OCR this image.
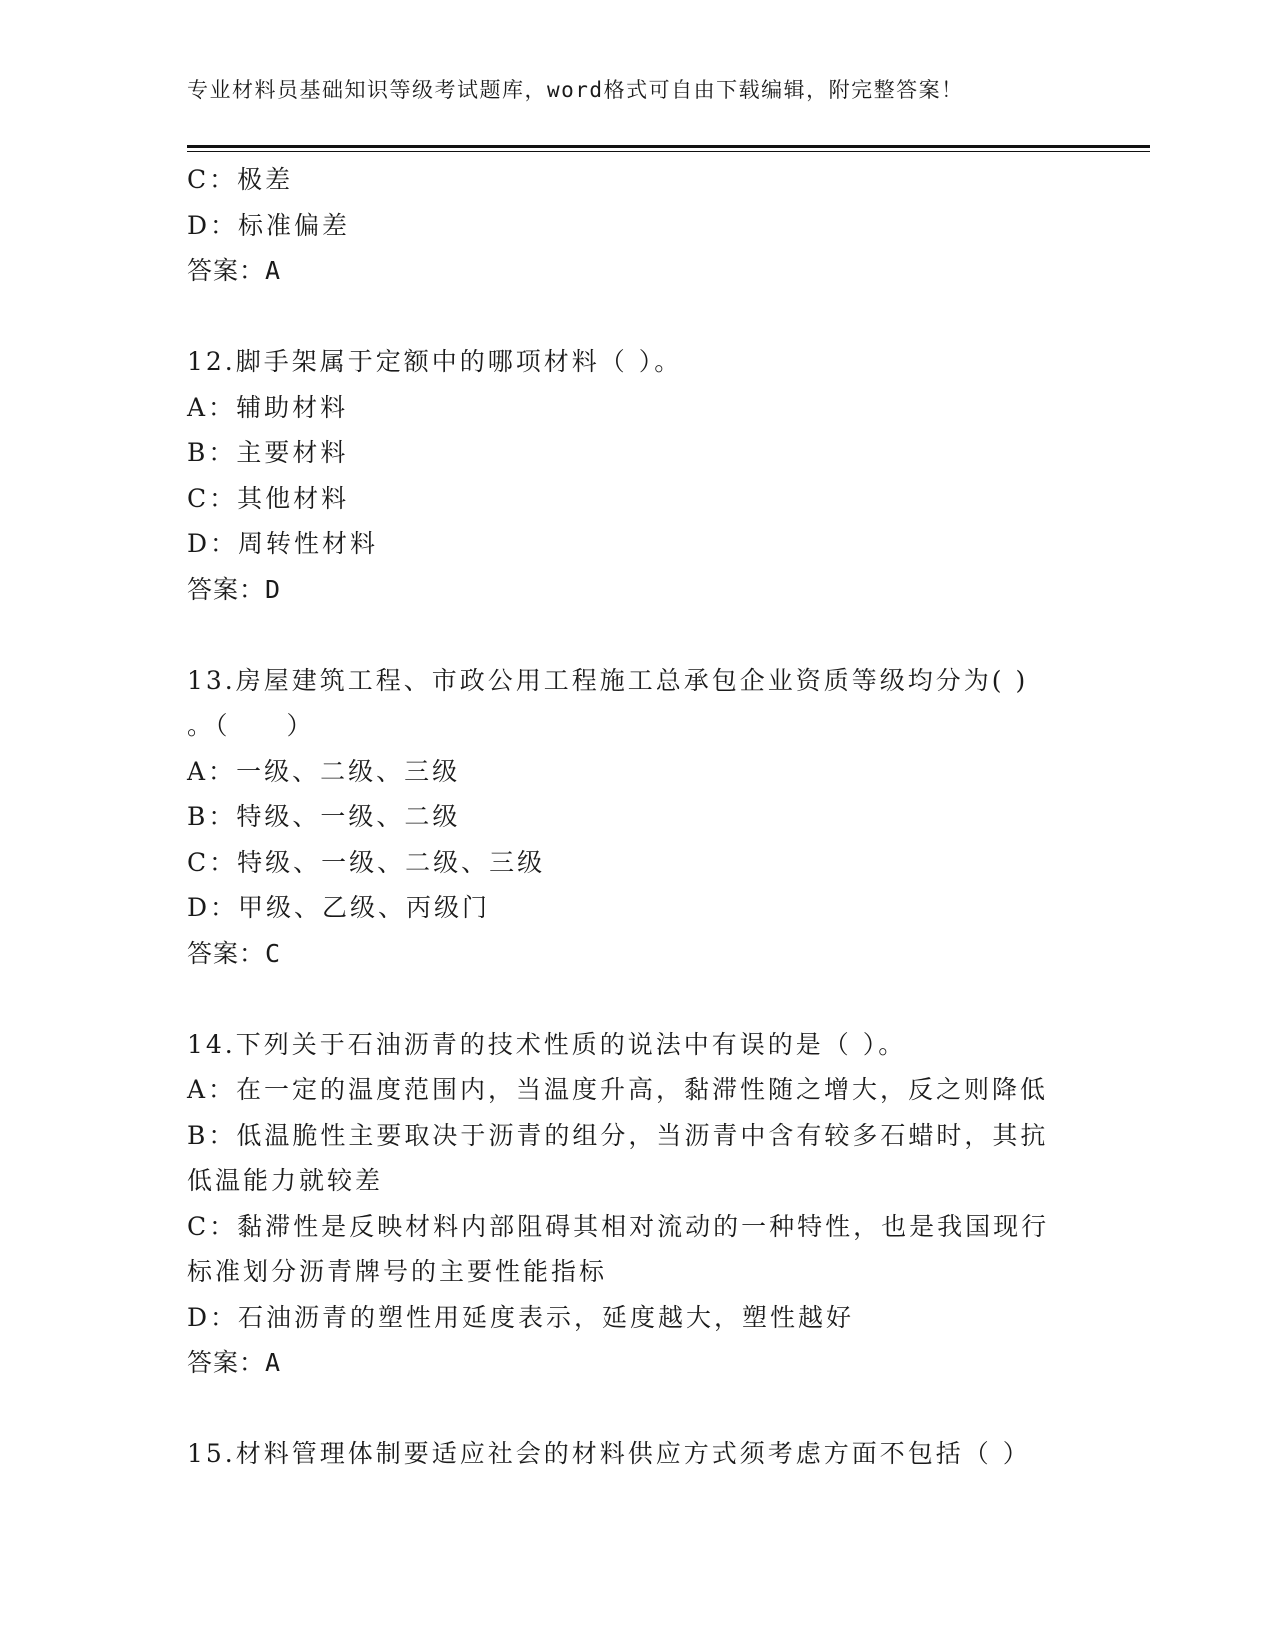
专业材料员基础知识等级考试题库，word格式可自由下载编辑，附完整答案！
C：极差
D：标准偏差
答案：A
12.脚手架属于定额中的哪项材料（ ）。
A：辅助材料
B：主要材料
C：其他材料
D：周转性材料
答案：D
13.房屋建筑工程、市政公用工程施工总承包企业资质等级均分为( )
。（　　）
A：一级、二级、三级
B：特级、一级、二级
C：特级、一级、二级、三级
D：甲级、乙级、丙级门
答案：C
14.下列关于石油沥青的技术性质的说法中有误的是（ ）。
A：在一定的温度范围内，当温度升高，黏滞性随之增大，反之则降低
B：低温脆性主要取决于沥青的组分，当沥青中含有较多石蜡时，其抗
低温能力就较差
C：黏滞性是反映材料内部阻碍其相对流动的一种特性，也是我国现行
标准划分沥青牌号的主要性能指标
D：石油沥青的塑性用延度表示，延度越大，塑性越好
答案：A
15.材料管理体制要适应社会的材料供应方式须考虑方面不包括（ ）
